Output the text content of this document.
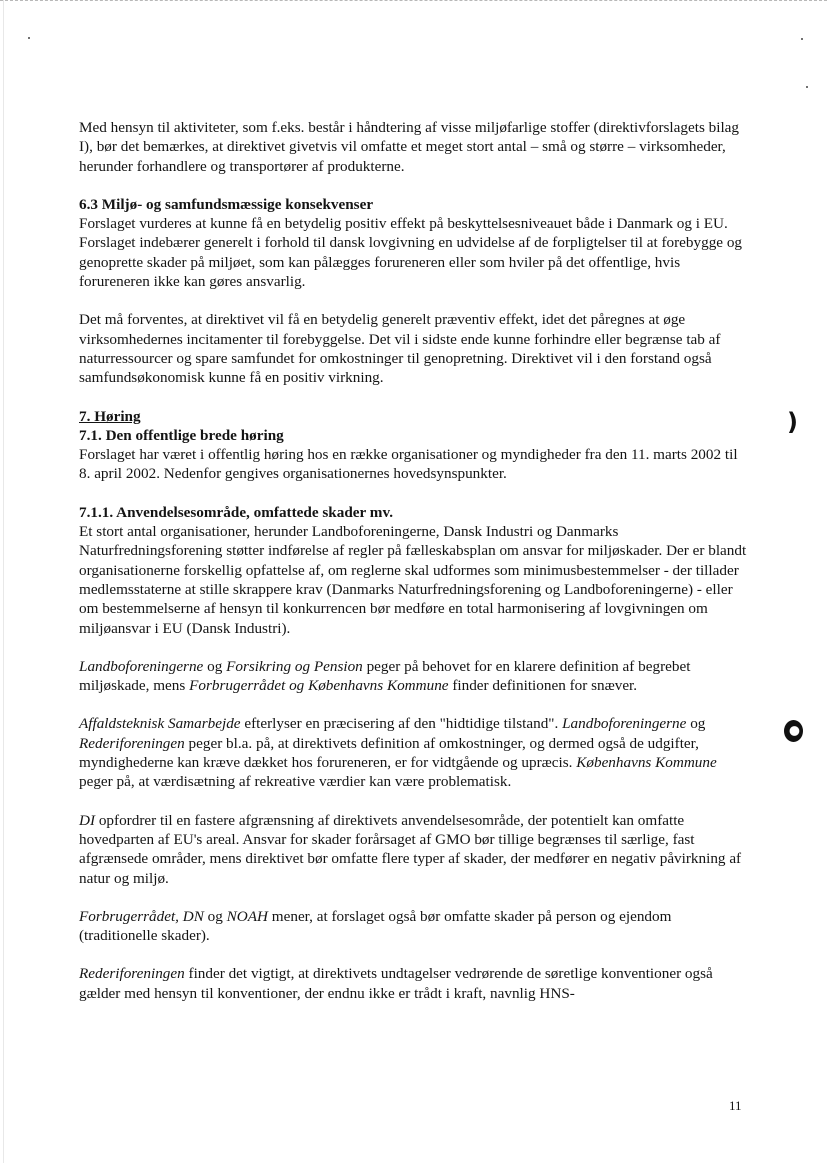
Med hensyn til aktiviteter, som f.eks. består i håndtering af visse miljøfarlige stoffer (direktivforslagets bilag I), bør det bemærkes, at direktivet givetvis vil omfatte et meget stort antal – små og større – virksomheder, herunder forhandlere og transportører af produkterne.

6.3 Miljø- og samfundsmæssige konsekvenser

Forslaget vurderes at kunne få en betydelig positiv effekt på beskyttelsesniveauet både i Danmark og i EU. Forslaget indebærer generelt i forhold til dansk lovgivning en udvidelse af de forpligtelser til at forebygge og genoprette skader på miljøet, som kan pålægges forureneren eller som hviler på det offentlige, hvis forureneren ikke kan gøres ansvarlig.

Det må forventes, at direktivet vil få en betydelig generelt præventiv effekt, idet det påregnes at øge virksomhedernes incitamenter til forebyggelse. Det vil i sidste ende kunne forhindre eller begrænse tab af naturressourcer og spare samfundet for omkostninger til genopretning. Direktivet vil i den forstand også samfundsøkonomisk kunne få en positiv virkning.

7. Høring
7.1. Den offentlige brede høring

Forslaget har været i offentlig høring hos en række organisationer og myndigheder fra den 11. marts 2002 til 8. april 2002. Nedenfor gengives organisationernes hovedsynspunkter.

7.1.1. Anvendelsesområde, omfattede skader mv.

Et stort antal organisationer, herunder Landboforeningerne, Dansk Industri og Danmarks Naturfredningsforening støtter indførelse af regler på fælleskabsplan om ansvar for miljøskader. Der er blandt organisationerne forskellig opfattelse af, om reglerne skal udformes som minimusbestemmelser - der tillader medlemsstaterne at stille skrappere krav (Danmarks Naturfredningsforening og Landboforeningerne) - eller om bestemmelserne af hensyn til konkurrencen bør medføre en total harmonisering af lovgivningen om miljøansvar i EU (Dansk Industri).

Landboforeningerne og Forsikring og Pension peger på behovet for en klarere definition af begrebet miljøskade, mens Forbrugerrådet og Københavns Kommune finder definitionen for snæver.

Affaldsteknisk Samarbejde efterlyser en præcisering af den "hidtidige tilstand". Landboforeningerne og Rederiforeningen peger bl.a. på, at direktivets definition af omkostninger, og dermed også de udgifter, myndighederne kan kræve dækket hos forureneren, er for vidtgående og upræcis. Københavns Kommune peger på, at værdisætning af rekreative værdier kan være problematisk.

DI opfordrer til en fastere afgrænsning af direktivets anvendelsesområde, der potentielt kan omfatte hovedparten af EU's areal. Ansvar for skader forårsaget af GMO bør tillige begrænses til særlige, fast afgrænsede områder, mens direktivet bør omfatte flere typer af skader, der medfører en negativ påvirkning af natur og miljø.

Forbrugerrådet, DN og NOAH mener, at forslaget også bør omfatte skader på person og ejendom (traditionelle skader).

Rederiforeningen finder det vigtigt, at direktivets undtagelser vedrørende de søretlige konventioner også gælder med hensyn til konventioner, der endnu ikke er trådt i kraft, navnlig HNS-

)
11
